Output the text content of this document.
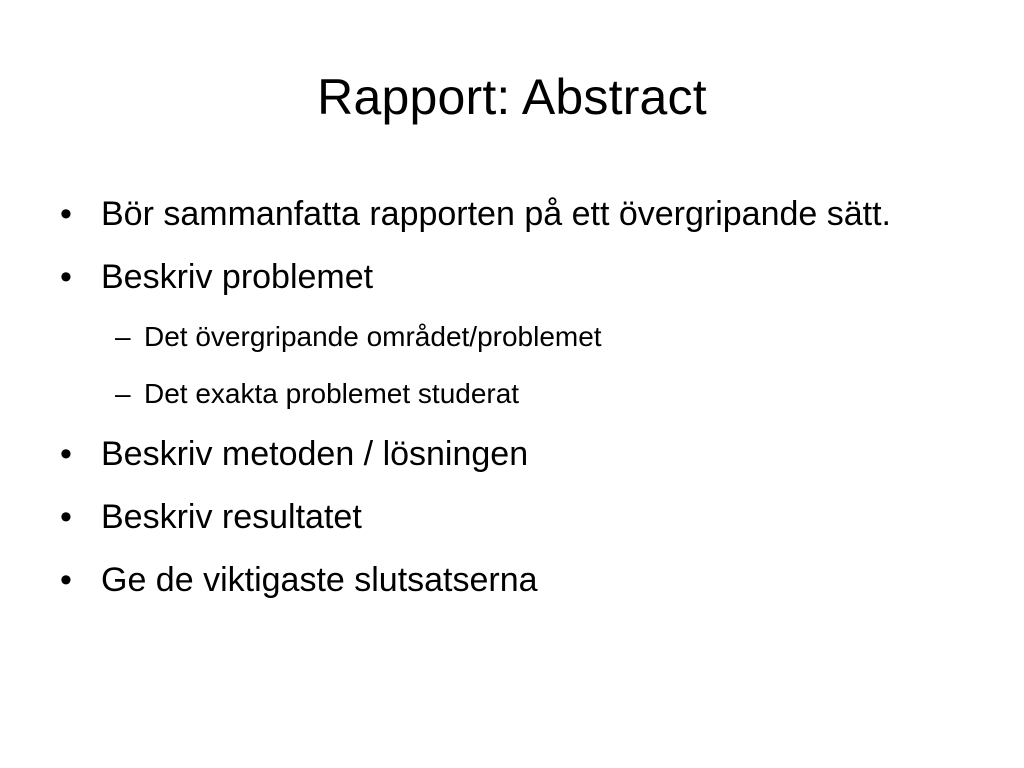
Rapport: Abstract
• Bör sammanfatta rapporten på ett övergripande sätt.
• Beskriv problemet
– Det övergripande området/problemet
– Det exakta problemet studerat
• Beskriv metoden / lösningen
• Beskriv resultatet
• Ge de viktigaste slutsatserna
